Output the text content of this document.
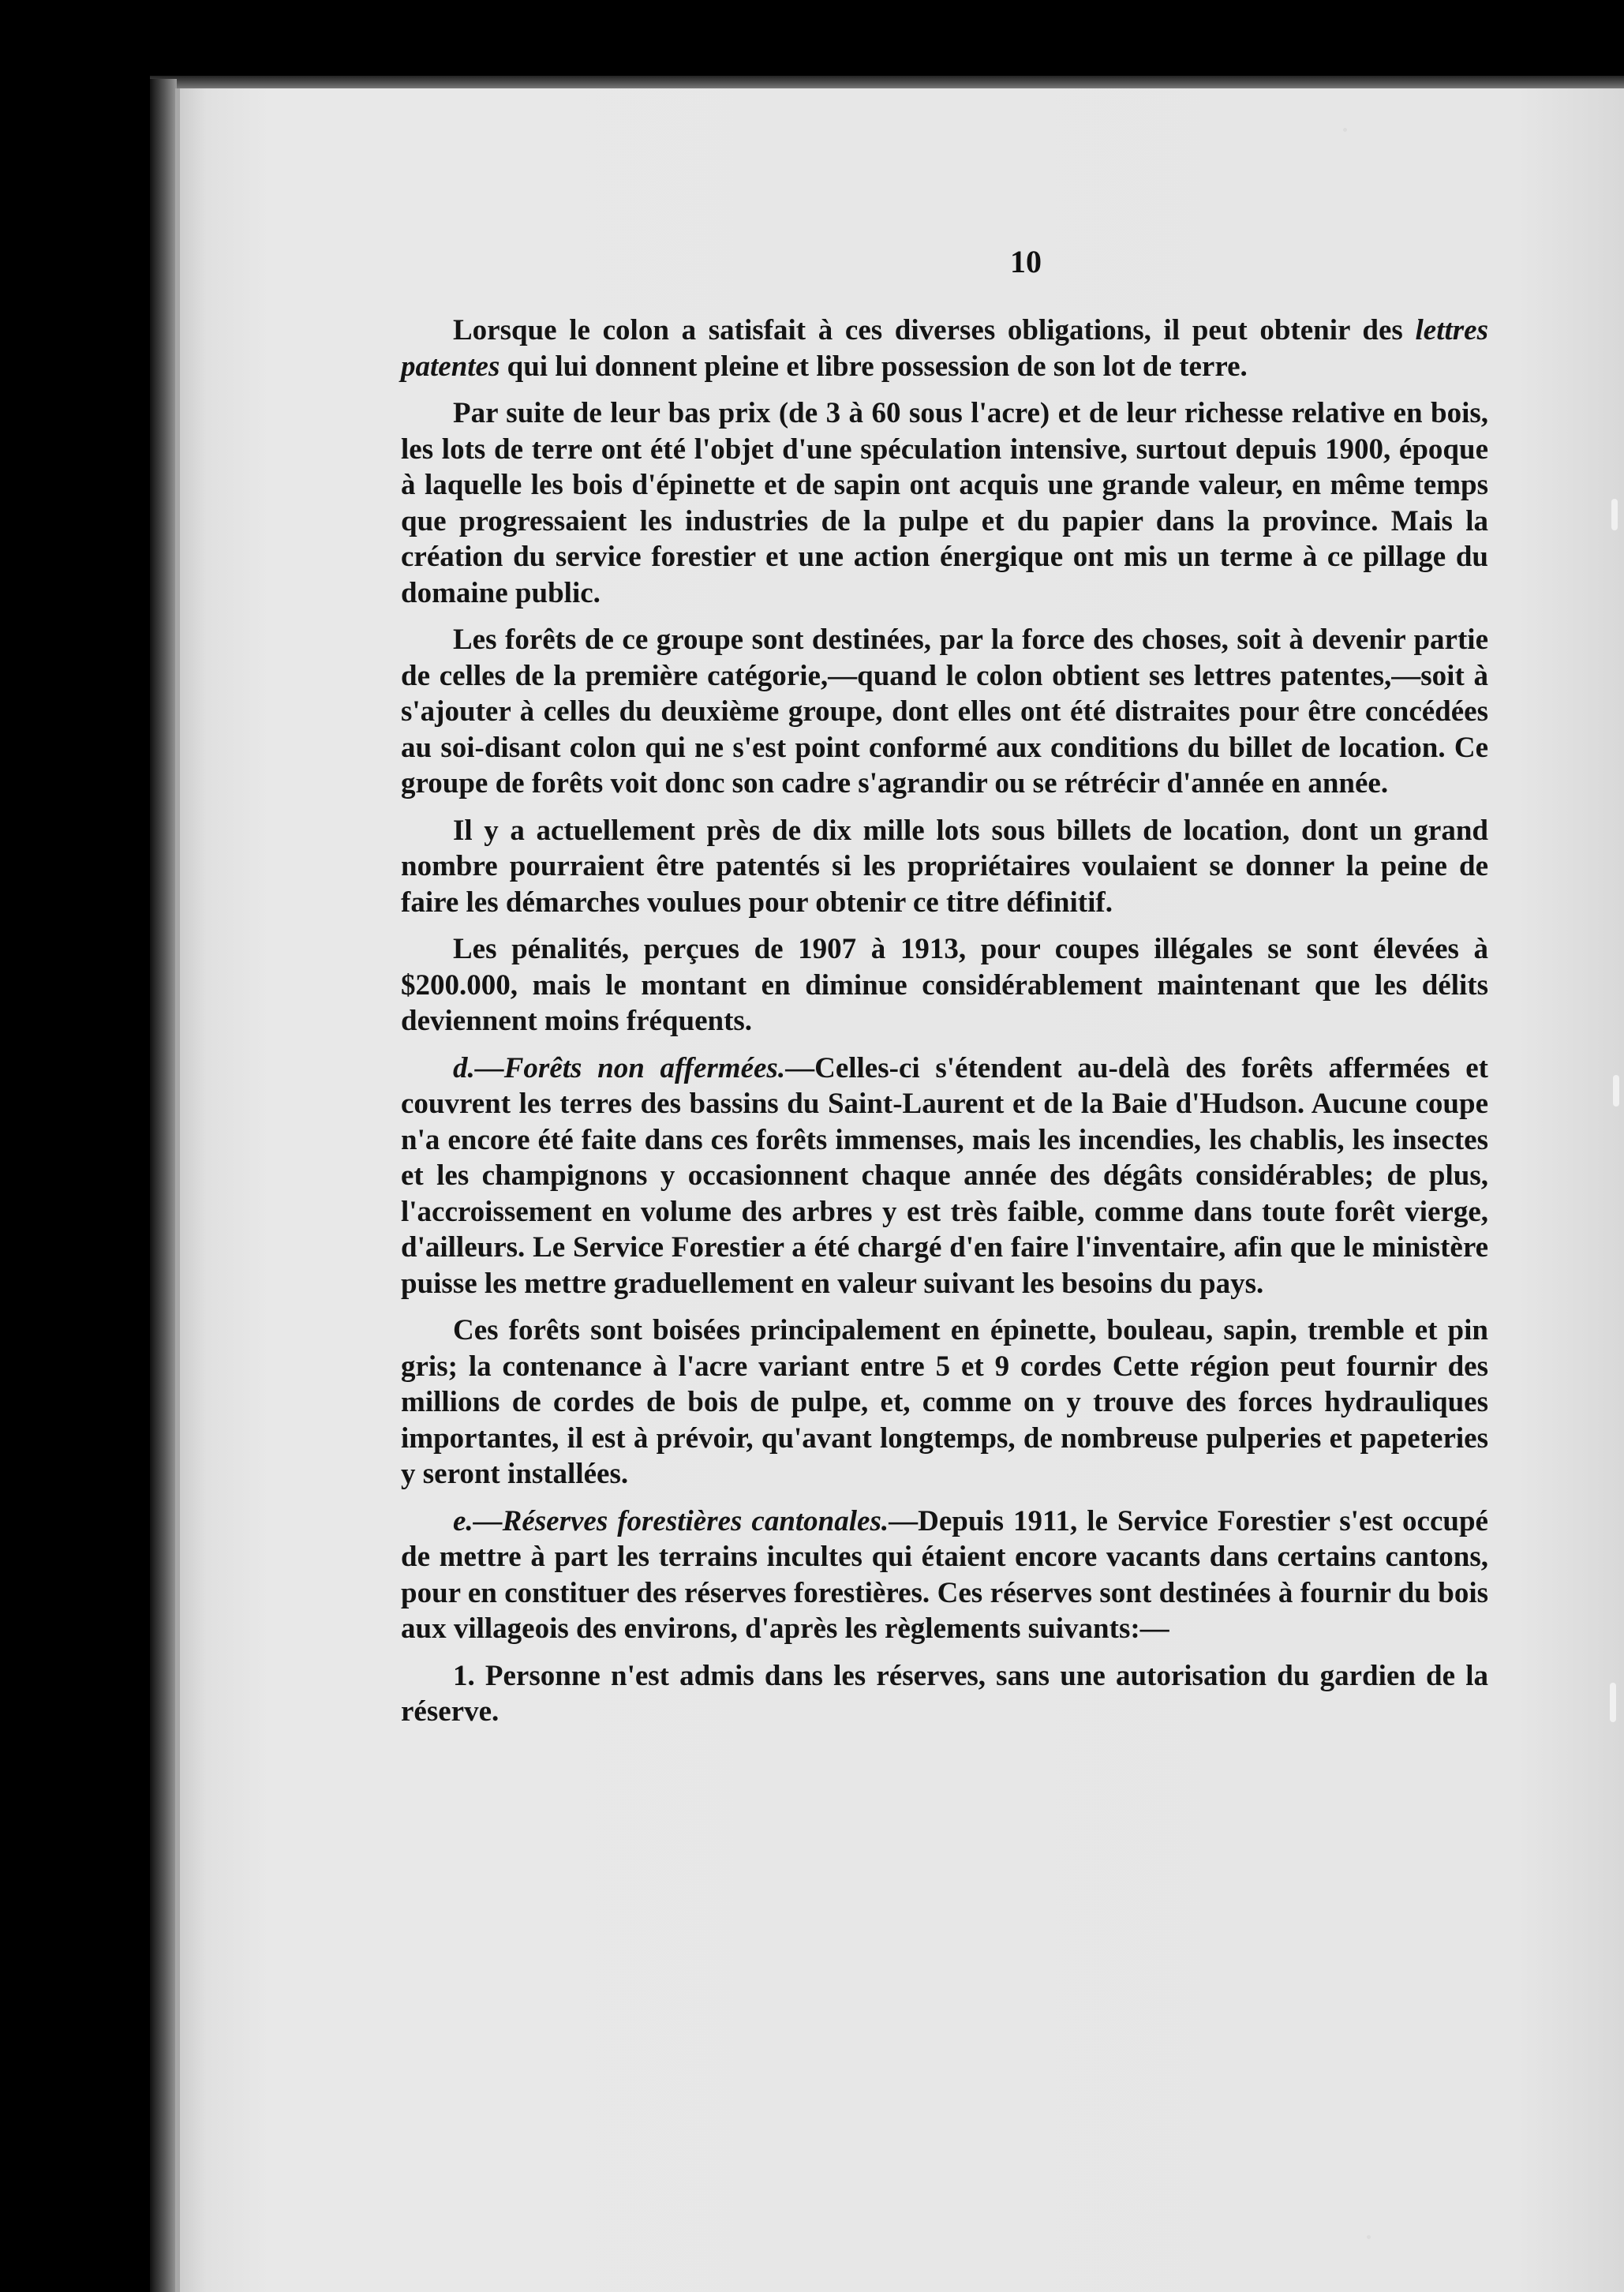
10

Lorsque le colon a satisfait à ces diverses obligations, il peut obtenir des lettres patentes qui lui donnent pleine et libre possession de son lot de terre.

Par suite de leur bas prix (de 3 à 60 sous l'acre) et de leur richesse relative en bois, les lots de terre ont été l'objet d'une spéculation intensive, surtout depuis 1900, époque à laquelle les bois d'épinette et de sapin ont acquis une grande valeur, en même temps que progressaient les industries de la pulpe et du papier dans la province. Mais la création du service forestier et une action énergique ont mis un terme à ce pillage du domaine public.

Les forêts de ce groupe sont destinées, par la force des choses, soit à devenir partie de celles de la première catégorie,—quand le colon obtient ses lettres patentes,—soit à s'ajouter à celles du deuxième groupe, dont elles ont été distraites pour être concédées au soi-disant colon qui ne s'est point conformé aux conditions du billet de location. Ce groupe de forêts voit donc son cadre s'agrandir ou se rétrécir d'année en année.

Il y a actuellement près de dix mille lots sous billets de location, dont un grand nombre pourraient être patentés si les propriétaires voulaient se donner la peine de faire les démarches voulues pour obtenir ce titre définitif.

Les pénalités, perçues de 1907 à 1913, pour coupes illégales se sont élevées à $200.000, mais le montant en diminue considérablement maintenant que les délits deviennent moins fréquents.

d.—Forêts non affermées.—Celles-ci s'étendent au-delà des forêts affermées et couvrent les terres des bassins du Saint-Laurent et de la Baie d'Hudson. Aucune coupe n'a encore été faite dans ces forêts immenses, mais les incendies, les chablis, les insectes et les champignons y occasionnent chaque année des dégâts considérables; de plus, l'accroissement en volume des arbres y est très faible, comme dans toute forêt vierge, d'ailleurs. Le Service Forestier a été chargé d'en faire l'inventaire, afin que le ministère puisse les mettre graduellement en valeur suivant les besoins du pays.

Ces forêts sont boisées principalement en épinette, bouleau, sapin, tremble et pin gris; la contenance à l'acre variant entre 5 et 9 cordes Cette région peut fournir des millions de cordes de bois de pulpe, et, comme on y trouve des forces hydrauliques importantes, il est à prévoir, qu'avant longtemps, de nombreuse pulperies et papeteries y seront installées.

e.—Réserves forestières cantonales.—Depuis 1911, le Service Forestier s'est occupé de mettre à part les terrains incultes qui étaient encore vacants dans certains cantons, pour en constituer des réserves forestières. Ces réserves sont destinées à fournir du bois aux villageois des environs, d'après les règlements suivants:—

1. Personne n'est admis dans les réserves, sans une autorisation du gardien de la réserve.
